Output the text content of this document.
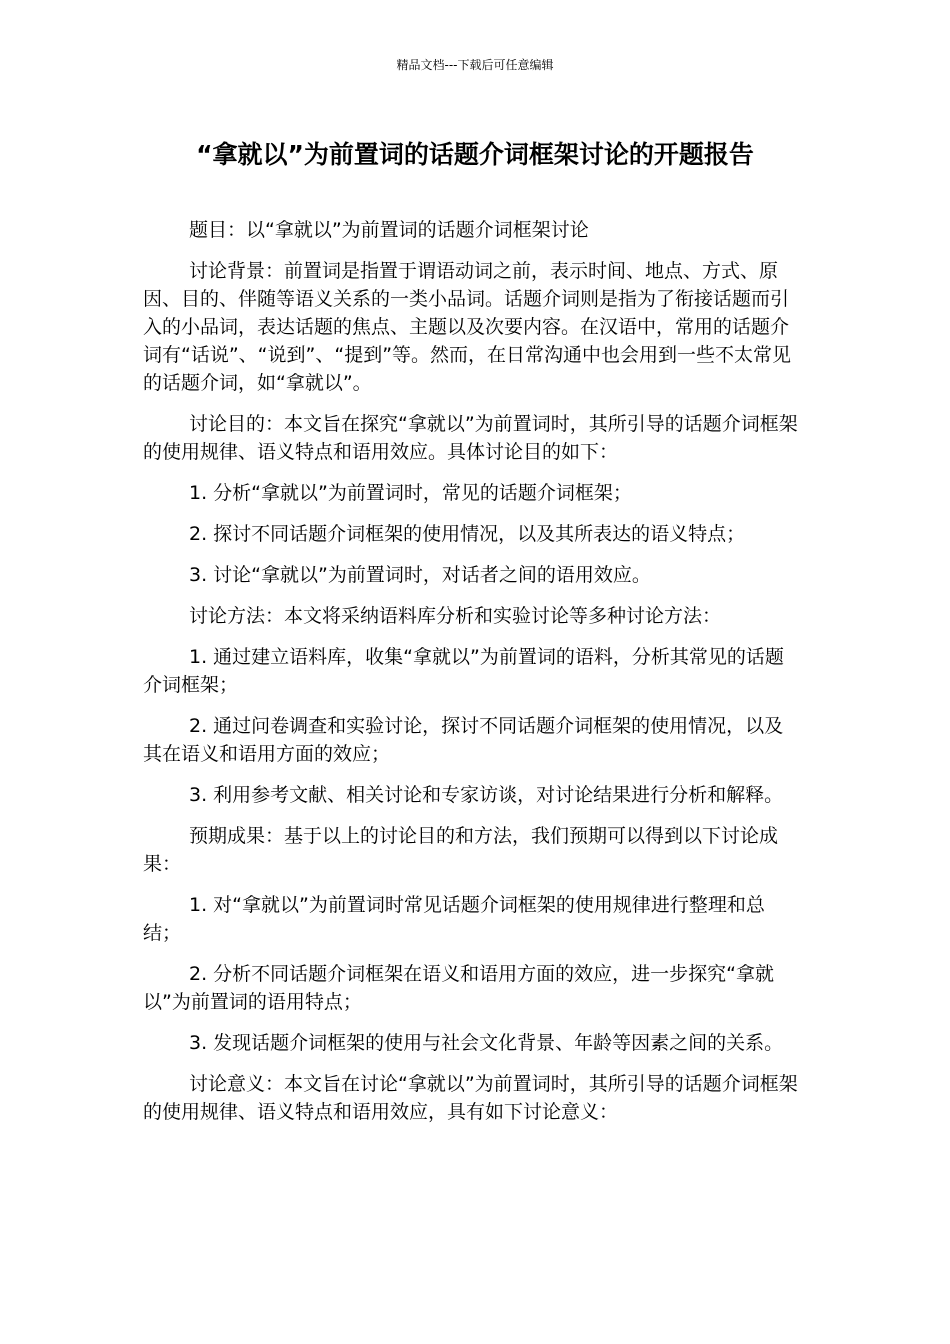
精品文档---下载后可任意编辑
“拿就以”为前置词的话题介词框架讨论的开题报告

题目：以“拿就以”为前置词的话题介词框架讨论

讨论背景：前置词是指置于谓语动词之前，表示时间、地点、方式、原因、目的、伴随等语义关系的一类小品词。话题介词则是指为了衔接话题而引入的小品词，表达话题的焦点、主题以及次要内容。在汉语中，常用的话题介词有“话说”、“说到”、“提到”等。然而，在日常沟通中也会用到一些不太常见的话题介词，如“拿就以”。

讨论目的：本文旨在探究“拿就以”为前置词时，其所引导的话题介词框架的使用规律、语义特点和语用效应。具体讨论目的如下：

1. 分析“拿就以”为前置词时，常见的话题介词框架；

2. 探讨不同话题介词框架的使用情况，以及其所表达的语义特点；

3. 讨论“拿就以”为前置词时，对话者之间的语用效应。

讨论方法：本文将采纳语料库分析和实验讨论等多种讨论方法：

1. 通过建立语料库，收集“拿就以”为前置词的语料，分析其常见的话题介词框架；

2. 通过问卷调查和实验讨论，探讨不同话题介词框架的使用情况，以及其在语义和语用方面的效应；

3. 利用参考文献、相关讨论和专家访谈，对讨论结果进行分析和解释。

预期成果：基于以上的讨论目的和方法，我们预期可以得到以下讨论成果：

1. 对“拿就以”为前置词时常见话题介词框架的使用规律进行整理和总结；

2. 分析不同话题介词框架在语义和语用方面的效应，进一步探究“拿就以”为前置词的语用特点；

3. 发现话题介词框架的使用与社会文化背景、年龄等因素之间的关系。

讨论意义：本文旨在讨论“拿就以”为前置词时，其所引导的话题介词框架的使用规律、语义特点和语用效应，具有如下讨论意义：
